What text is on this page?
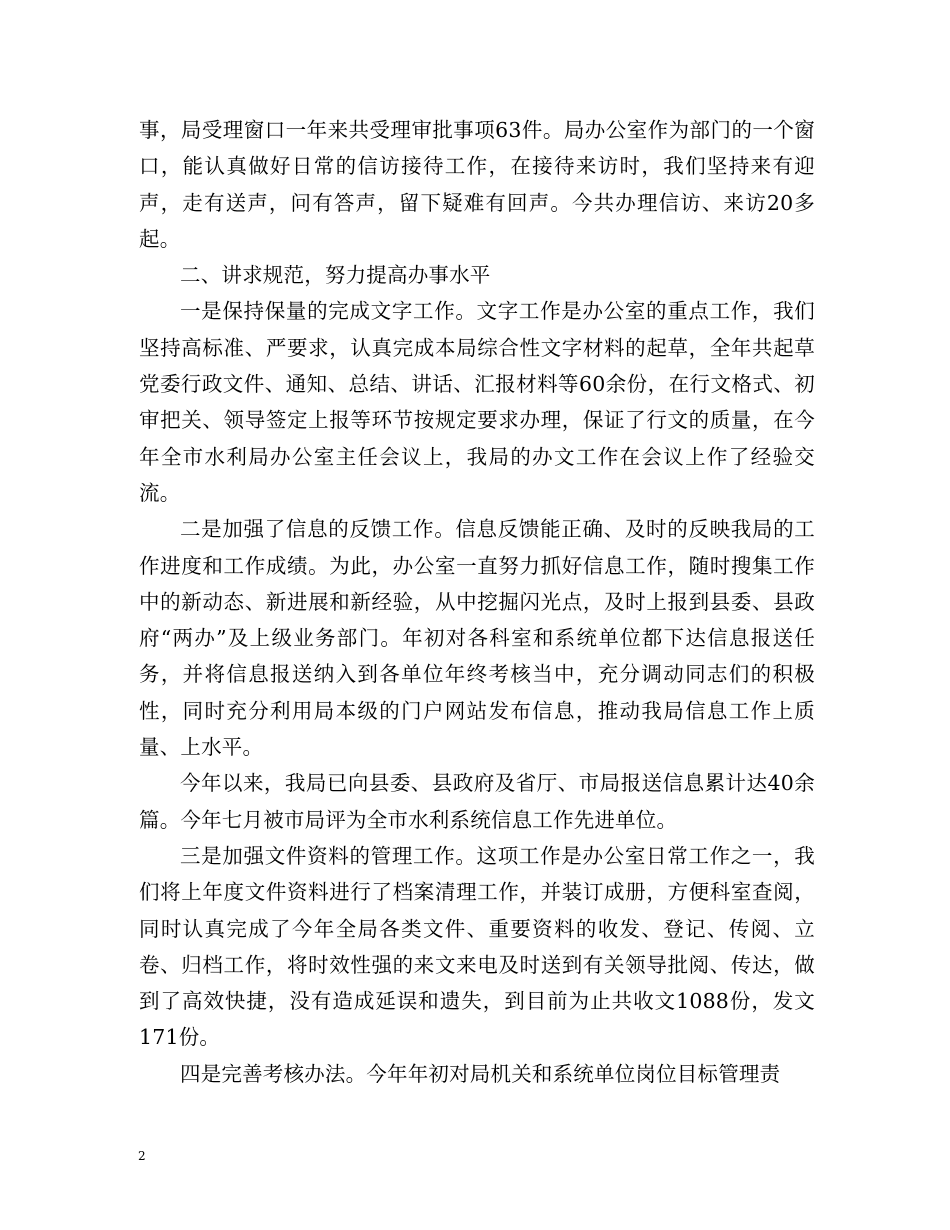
事，局受理窗口一年来共受理审批事项63件。局办公室作为部门的一个窗口，能认真做好日常的信访接待工作，在接待来访时，我们坚持来有迎声，走有送声，问有答声，留下疑难有回声。今共办理信访、来访20多起。

二、讲求规范，努力提高办事水平

一是保持保量的完成文字工作。文字工作是办公室的重点工作，我们坚持高标准、严要求，认真完成本局综合性文字材料的起草，全年共起草党委行政文件、通知、总结、讲话、汇报材料等60余份，在行文格式、初审把关、领导签定上报等环节按规定要求办理，保证了行文的质量，在今年全市水利局办公室主任会议上，我局的办文工作在会议上作了经验交流。

二是加强了信息的反馈工作。信息反馈能正确、及时的反映我局的工作进度和工作成绩。为此，办公室一直努力抓好信息工作，随时搜集工作中的新动态、新进展和新经验，从中挖掘闪光点，及时上报到县委、县政府“两办”及上级业务部门。年初对各科室和系统单位都下达信息报送任务，并将信息报送纳入到各单位年终考核当中，充分调动同志们的积极性，同时充分利用局本级的门户网站发布信息，推动我局信息工作上质量、上水平。

今年以来，我局已向县委、县政府及省厅、市局报送信息累计达40余篇。今年七月被市局评为全市水利系统信息工作先进单位。

三是加强文件资料的管理工作。这项工作是办公室日常工作之一，我们将上年度文件资料进行了档案清理工作，并装订成册，方便科室查阅，同时认真完成了今年全局各类文件、重要资料的收发、登记、传阅、立卷、归档工作，将时效性强的来文来电及时送到有关领导批阅、传达，做到了高效快捷，没有造成延误和遗失，到目前为止共收文1088份，发文171份。

四是完善考核办法。今年年初对局机关和系统单位岗位目标管理责

2
